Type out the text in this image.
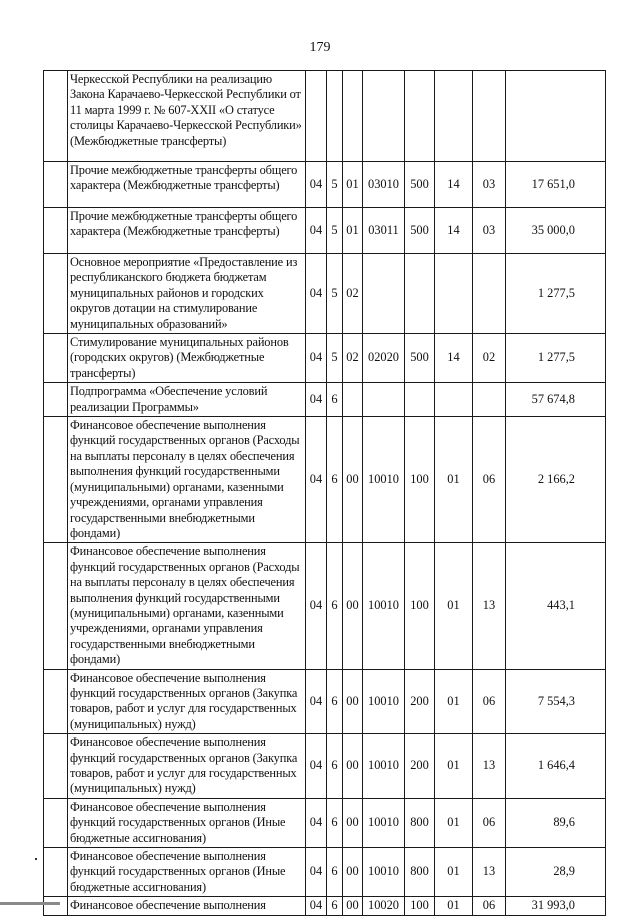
179
	Черкесской Республики на реализацию Закона Карачаево-Черкесской Республики от 11 марта 1999 г. № 607-XXII «О статусе столицы Карачаево-Черкесской Республики» (Межбюджетные трансферты)								
	Прочие межбюджетные трансферты общего характера (Межбюджетные трансферты)	04	5	01	03010	500	14	03	17 651,0
	Прочие межбюджетные трансферты общего характера (Межбюджетные трансферты)	04	5	01	03011	500	14	03	35 000,0
	Основное мероприятие «Предоставление из республиканского бюджета бюджетам муниципальных районов и городских округов дотации на стимулирование муниципальных образований»	04	5	02					1 277,5
	Стимулирование муниципальных районов (городских округов) (Межбюджетные трансферты)	04	5	02	02020	500	14	02	1 277,5
	Подпрограмма «Обеспечение условий реализации Программы»	04	6						57 674,8
	Финансовое обеспечение выполнения функций государственных органов (Расходы на выплаты персоналу в целях обеспечения выполнения функций государственными (муниципальными) органами, казенными учреждениями, органами управления государственными внебюджетными фондами)	04	6	00	10010	100	01	06	2 166,2
	Финансовое обеспечение выполнения функций государственных органов (Расходы на выплаты персоналу в целях обеспечения выполнения функций государственными (муниципальными) органами, казенными учреждениями, органами управления государственными внебюджетными фондами)	04	6	00	10010	100	01	13	443,1
	Финансовое обеспечение выполнения функций государственных органов (Закупка товаров, работ и услуг для государственных (муниципальных) нужд)	04	6	00	10010	200	01	06	7 554,3
	Финансовое обеспечение выполнения функций государственных органов (Закупка товаров, работ и услуг для государственных (муниципальных) нужд)	04	6	00	10010	200	01	13	1 646,4
	Финансовое обеспечение выполнения функций государственных органов (Иные бюджетные ассигнования)	04	6	00	10010	800	01	06	89,6
	Финансовое обеспечение выполнения функций государственных органов (Иные бюджетные ассигнования)	04	6	00	10010	800	01	13	28,9
	Финансовое обеспечение выполнения	04	6	00	10020	100	01	06	31 993,0
